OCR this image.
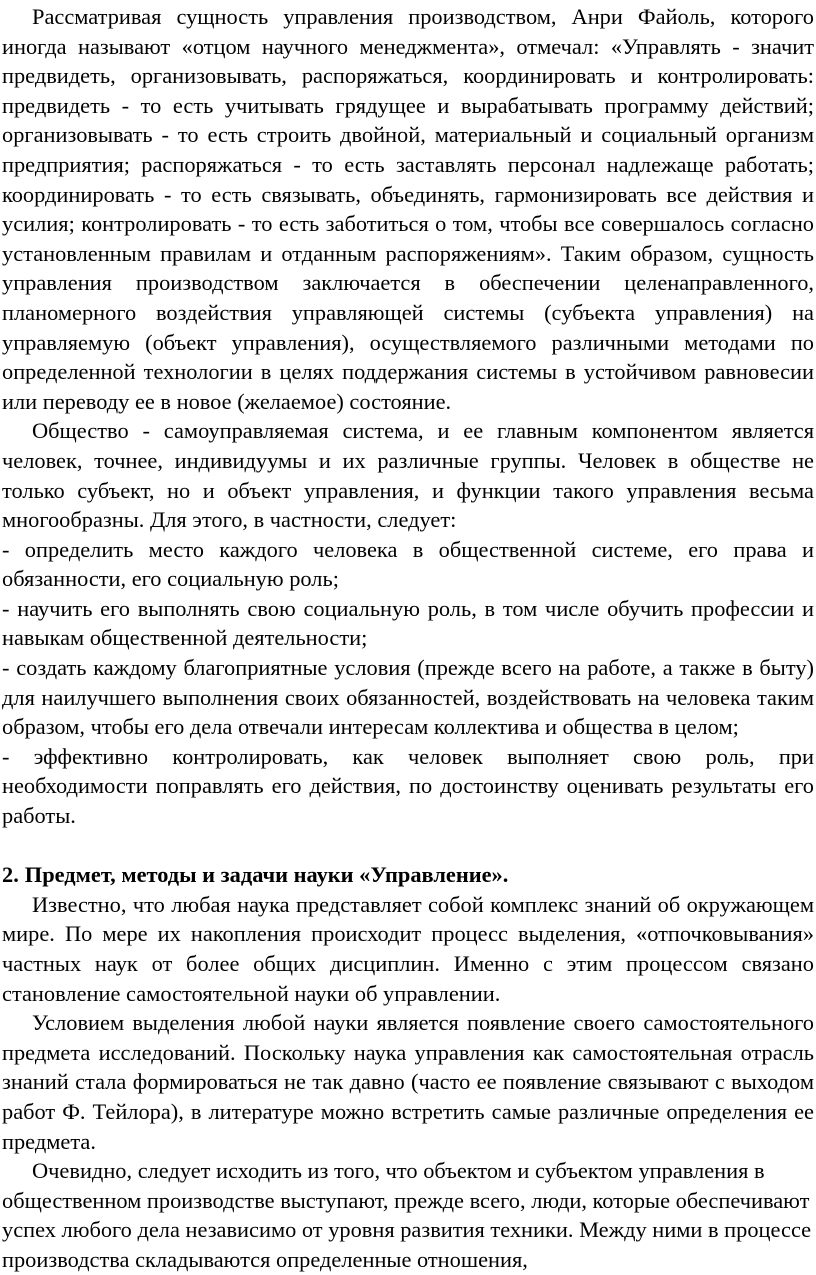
Рассматривая сущность управления производством, Анри Файоль, которого иногда называют «отцом научного менеджмента», отмечал: «Управлять - значит предвидеть, организовывать, распоряжаться, координировать и контролировать: предвидеть - то есть учитывать грядущее и вырабатывать программу действий; организовывать - то есть строить двойной, материальный и социальный организм предприятия; распоряжаться - то есть заставлять персонал надлежаще работать; координировать - то есть связывать, объединять, гармонизировать все действия и усилия; контролировать - то есть заботиться о том, чтобы все совершалось согласно установленным правилам и отданным распоряжениям». Таким образом, сущность управления производством заключается в обеспечении целенаправленного, планомерного воздействия управляющей системы (субъекта управления) на управляемую (объект управления), осуществляемого различными методами по определенной технологии в целях поддержания системы в устойчивом равновесии или переводу ее в новое (желаемое) состояние.

Общество - самоуправляемая система, и ее главным компонентом является человек, точнее, индивидуумы и их различные группы. Человек в обществе не только субъект, но и объект управления, и функции такого управления весьма многообразны. Для этого, в частности, следует:

- определить место каждого человека в общественной системе, его права и обязанности, его социальную роль;

- научить его выполнять свою социальную роль, в том числе обучить профессии и навыкам общественной деятельности;

- создать каждому благоприятные условия (прежде всего на работе, а также в быту) для наилучшего выполнения своих обязанностей, воздействовать на человека таким образом, чтобы его дела отвечали интересам коллектива и общества в целом;

- эффективно контролировать, как человек выполняет свою роль, при необходимости поправлять его действия, по достоинству оценивать результаты его работы.

2. Предмет, методы и задачи науки «Управление».

Известно, что любая наука представляет собой комплекс знаний об окружающем мире. По мере их накопления происходит процесс выделения, «отпочковывания» частных наук от более общих дисциплин. Именно с этим процессом связано становление самостоятельной науки об управлении.

Условием выделения любой науки является появление своего самостоятельного предмета исследований. Поскольку наука управления как самостоятельная отрасль знаний стала формироваться не так давно (часто ее появление связывают с выходом работ Ф. Тейлора), в литературе можно встретить самые различные определения ее предмета.

Очевидно, следует исходить из того, что объектом и субъектом управления в общественном производстве выступают, прежде всего, люди, которые обеспечивают успех любого дела независимо от уровня развития техники. Между ними в процессе производства складываются определенные отношения,
